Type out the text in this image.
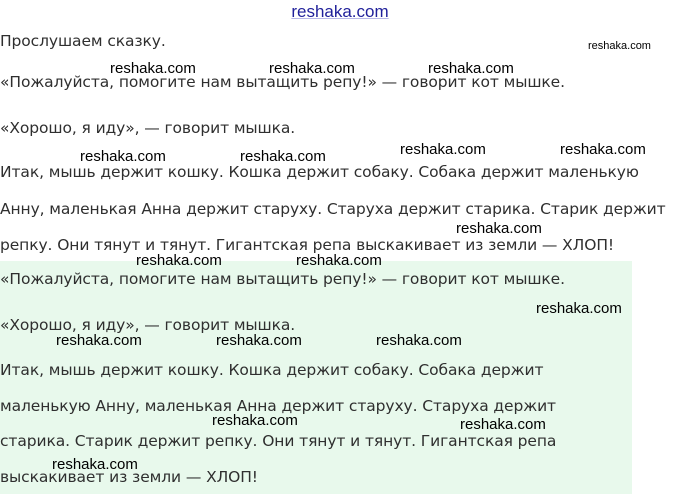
reshaka.com
Прослушаем сказку.
«Пожалуйста, помогите нам вытащить репу!» — говорит кот мышке.
«Хорошо, я иду», — говорит мышка.
Итак, мышь держит кошку. Кошка держит собаку. Собака держит маленькую
Анну, маленькая Анна держит старуху. Старуха держит старика. Старик держит
репку. Они тянут и тянут. Гигантская репа выскакивает из земли — ХЛОП!
«Пожалуйста, помогите нам вытащить репу!» — говорит кот мышке.
«Хорошо, я иду», — говорит мышка.
Итак, мышь держит кошку. Кошка держит собаку. Собака держит
маленькую Анну, маленькая Анна держит старуху. Старуха держит
старика. Старик держит репку. Они тянут и тянут. Гигантская репа
выскакивает из земли — ХЛОП!
reshaka.com
reshaka.com	reshaka.com	reshaka.com
reshaka.com	reshaka.com	reshaka.com	reshaka.com
reshaka.com
reshaka.com	reshaka.com
reshaka.com
reshaka.com	reshaka.com	reshaka.com
reshaka.com	reshaka.com
reshaka.com
